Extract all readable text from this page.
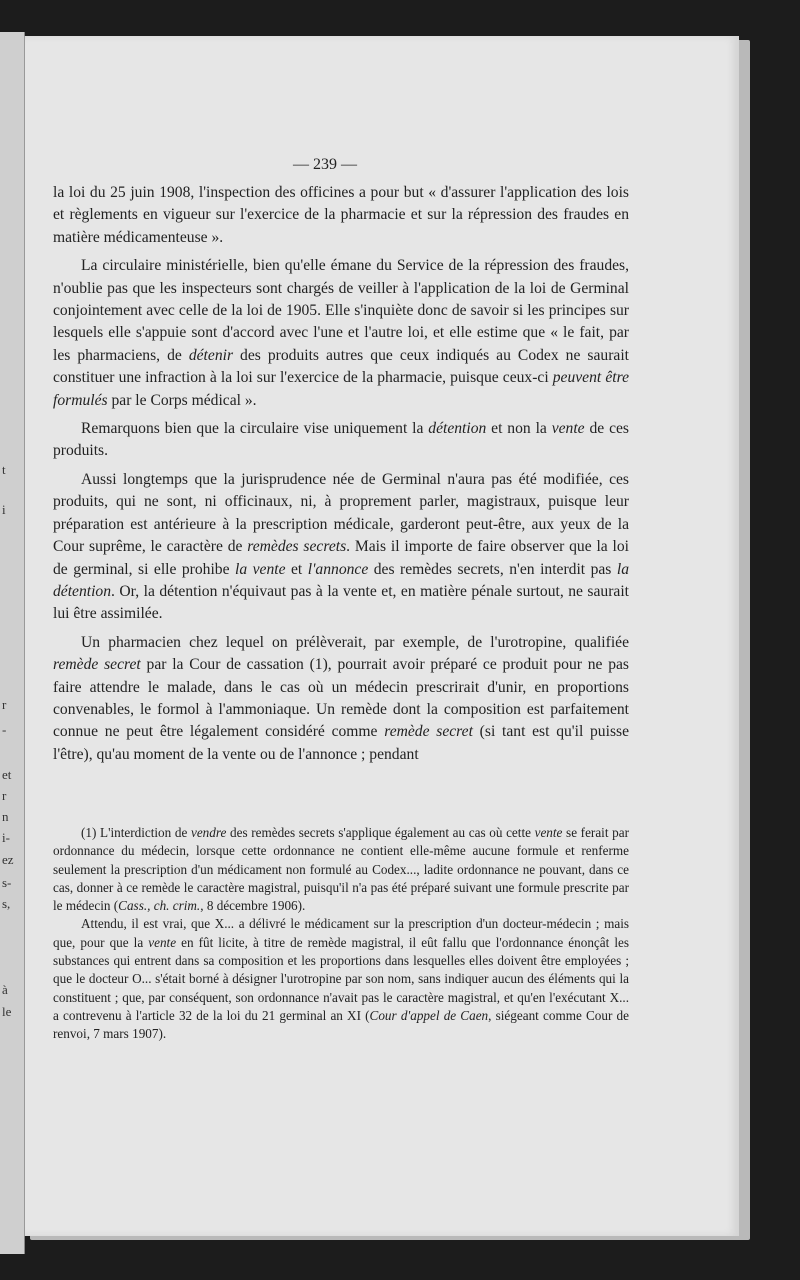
t
i
r
-
et
r
n
i-
ez
s-
s,
à
le
— 239 —

la loi du 25 juin 1908, l'inspection des officines a pour but « d'assurer l'application des lois et règlements en vigueur sur l'exercice de la pharmacie et sur la répression des fraudes en matière médicamenteuse ».

La circulaire ministérielle, bien qu'elle émane du Service de la répression des fraudes, n'oublie pas que les inspecteurs sont chargés de veiller à l'application de la loi de Germinal conjointement avec celle de la loi de 1905. Elle s'inquiète donc de savoir si les principes sur lesquels elle s'appuie sont d'accord avec l'une et l'autre loi, et elle estime que « le fait, par les pharmaciens, de détenir des produits autres que ceux indiqués au Codex ne saurait constituer une infraction à la loi sur l'exercice de la pharmacie, puisque ceux-ci peuvent être formulés par le Corps médical ».

Remarquons bien que la circulaire vise uniquement la détention et non la vente de ces produits.

Aussi longtemps que la jurisprudence née de Germinal n'aura pas été modifiée, ces produits, qui ne sont, ni officinaux, ni, à proprement parler, magistraux, puisque leur préparation est antérieure à la prescription médicale, garderont peut-être, aux yeux de la Cour suprême, le caractère de remèdes secrets. Mais il importe de faire observer que la loi de germinal, si elle prohibe la vente et l'annonce des remèdes secrets, n'en interdit pas la détention. Or, la détention n'équivaut pas à la vente et, en matière pénale surtout, ne saurait lui être assimilée.

Un pharmacien chez lequel on prélèverait, par exemple, de l'urotropine, qualifiée remède secret par la Cour de cassation (1), pourrait avoir préparé ce produit pour ne pas faire attendre le malade, dans le cas où un médecin prescrirait d'unir, en proportions convenables, le formol à l'ammoniaque. Un remède dont la composition est parfaitement connue ne peut être légalement considéré comme remède secret (si tant est qu'il puisse l'être), qu'au moment de la vente ou de l'annonce ; pendant

(1) L'interdiction de vendre des remèdes secrets s'applique également au cas où cette vente se ferait par ordonnance du médecin, lorsque cette ordonnance ne contient elle-même aucune formule et renferme seulement la prescription d'un médicament non formulé au Codex..., ladite ordonnance ne pouvant, dans ce cas, donner à ce remède le caractère magistral, puisqu'il n'a pas été préparé suivant une formule prescrite par le médecin (Cass., ch. crim., 8 décembre 1906).

Attendu, il est vrai, que X... a délivré le médicament sur la prescription d'un docteur-médecin ; mais que, pour que la vente en fût licite, à titre de remède magistral, il eût fallu que l'ordonnance énonçât les substances qui entrent dans sa composition et les proportions dans lesquelles elles doivent être employées ; que le docteur O... s'était borné à désigner l'urotropine par son nom, sans indiquer aucun des éléments qui la constituent ; que, par conséquent, son ordonnance n'avait pas le caractère magistral, et qu'en l'exécutant X... a contrevenu à l'article 32 de la loi du 21 germinal an XI (Cour d'appel de Caen, siégeant comme Cour de renvoi, 7 mars 1907).
